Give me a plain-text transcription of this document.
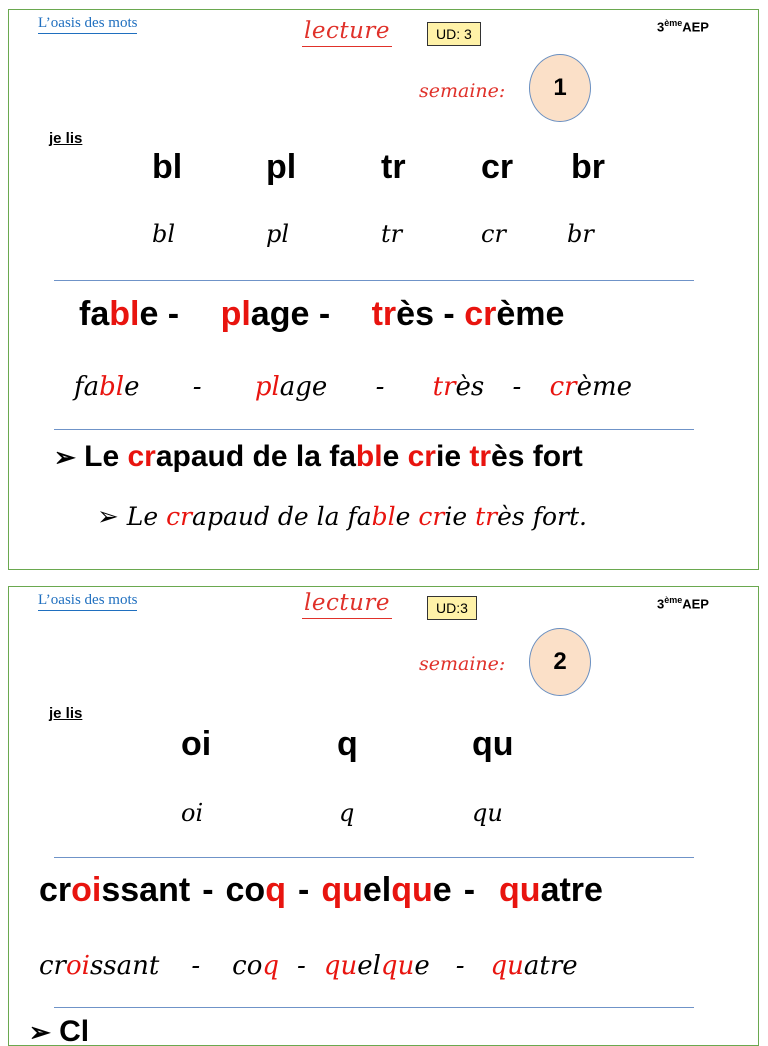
L’oasis des mots	lecture	UD: 3	3èmeAEP
semaine: 1
je lis
bl pl tr cr br
bl	pl	tr	cr	br
fable - plage - très - crème
fable - plage - très - crème
➢ Le crapaud de la fable crie très fort
➢ Le crapaud de la fable crie très fort.
L’oasis des mots	lecture	UD:3	3èmeAEP
semaine: 2
je lis
oi	q	qu
oi	q	qu
croissant - coq - quelque - quatre
croissant - coq - quelque - quatre
➢ Cl
